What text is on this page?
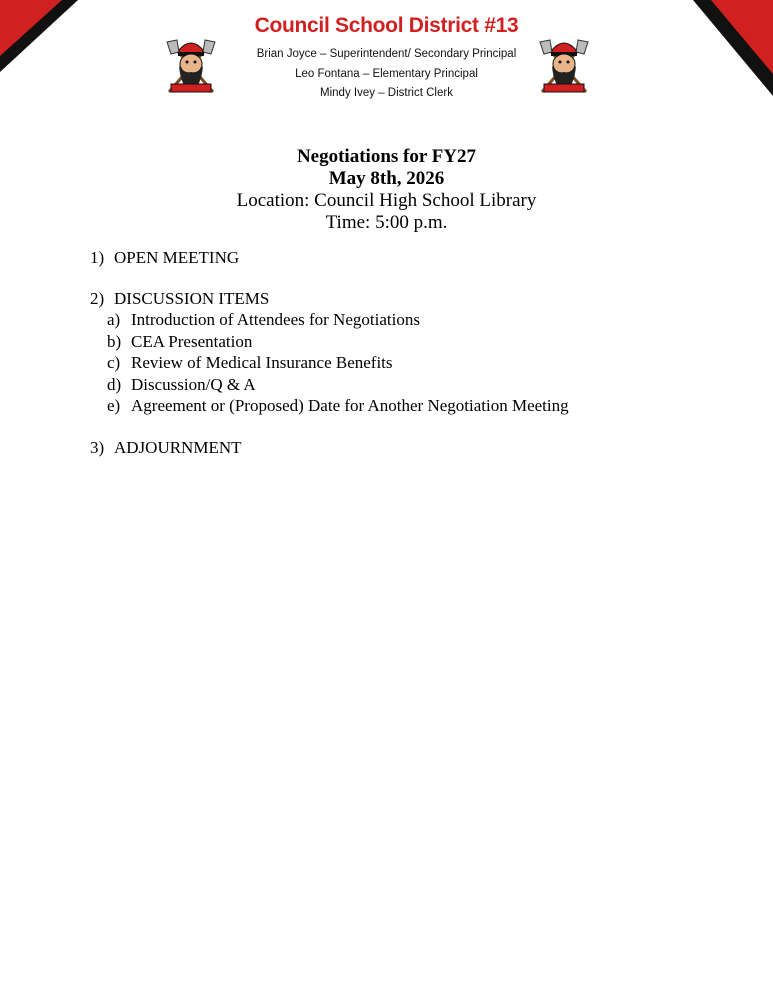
Council School District #13
Brian Joyce – Superintendent/ Secondary Principal
Leo Fontana – Elementary Principal
Mindy Ivey – District Clerk
Negotiations for FY27
May 8th, 2026
Location: Council High School Library
Time: 5:00 p.m.
1) OPEN MEETING
2) DISCUSSION ITEMS
a) Introduction of Attendees for Negotiations
b) CEA Presentation
c) Review of Medical Insurance Benefits
d) Discussion/Q & A
e) Agreement or (Proposed) Date for Another Negotiation Meeting
3) ADJOURNMENT
